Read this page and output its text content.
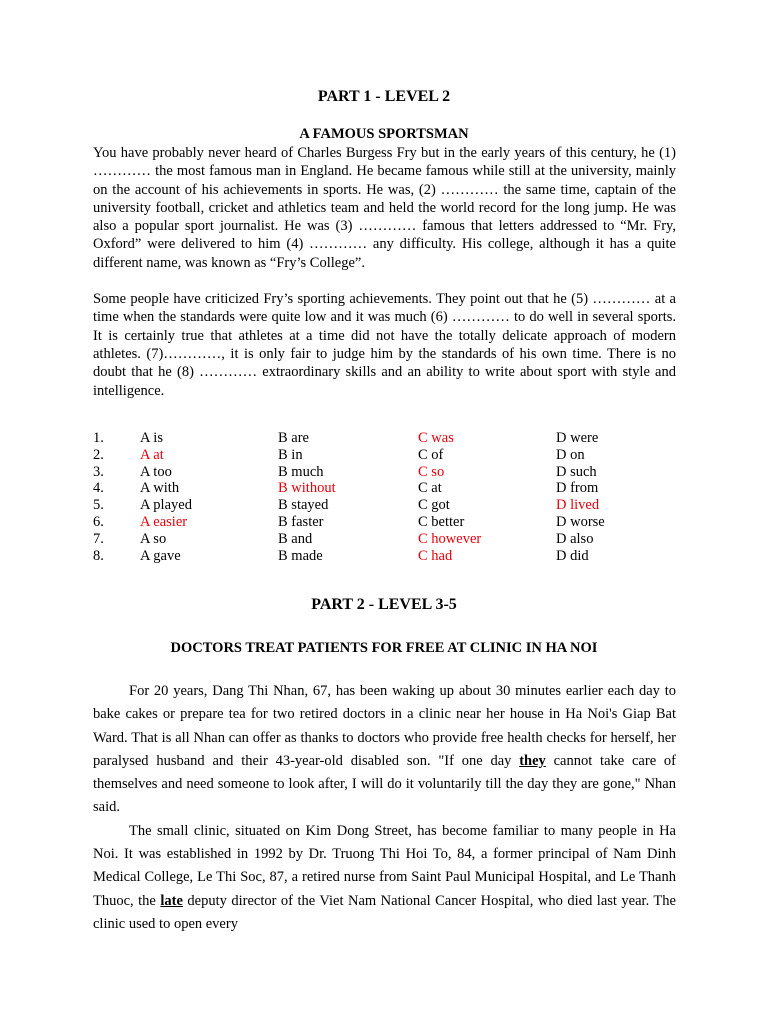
PART 1 - LEVEL 2
A FAMOUS SPORTSMAN

You have probably never heard of Charles Burgess Fry but in the early years of this century, he (1) ………… the most famous man in England. He became famous while still at the university, mainly on the account of his achievements in sports. He was, (2) ………… the same time, captain of the university football, cricket and athletics team and held the world record for the long jump. He was also a popular sport journalist. He was (3) ………… famous that letters addressed to “Mr. Fry, Oxford” were delivered to him (4) ………… any difficulty. His college, although it has a quite different name, was known as “Fry’s College”.

Some people have criticized Fry’s sporting achievements. They point out that he (5) ………… at a time when the standards were quite low and it was much (6) ………… to do well in several sports. It is certainly true that athletes at a time did not have the totally delicate approach of modern athletes. (7)…………, it is only fair to judge him by the standards of his own time. There is no doubt that he (8) ………… extraordinary skills and an ability to write about sport with style and intelligence.

1. A is	B are	C was	D were
2. A at	B in	C of	D on
3. A too	B much	C so	D such
4. A with	B without	C at	D from
5. A played	B stayed	C got	D lived
6. A easier	B faster	C better	D worse
7. A so	B and	C however	D also
8. A gave	B made	C had	D did
PART 2 - LEVEL 3-5
DOCTORS TREAT PATIENTS FOR FREE AT CLINIC IN HA NOI

For 20 years, Dang Thi Nhan, 67, has been waking up about 30 minutes earlier each day to bake cakes or prepare tea for two retired doctors in a clinic near her house in Ha Noi's Giap Bat Ward. That is all Nhan can offer as thanks to doctors who provide free health checks for herself, her paralysed husband and their 43-year-old disabled son. "If one day they cannot take care of themselves and need someone to look after, I will do it voluntarily till the day they are gone," Nhan said.

The small clinic, situated on Kim Dong Street, has become familiar to many people in Ha Noi. It was established in 1992 by Dr. Truong Thi Hoi To, 84, a former principal of Nam Dinh Medical College, Le Thi Soc, 87, a retired nurse from Saint Paul Municipal Hospital, and Le Thanh Thuoc, the late deputy director of the Viet Nam National Cancer Hospital, who died last year. The clinic used to open every
